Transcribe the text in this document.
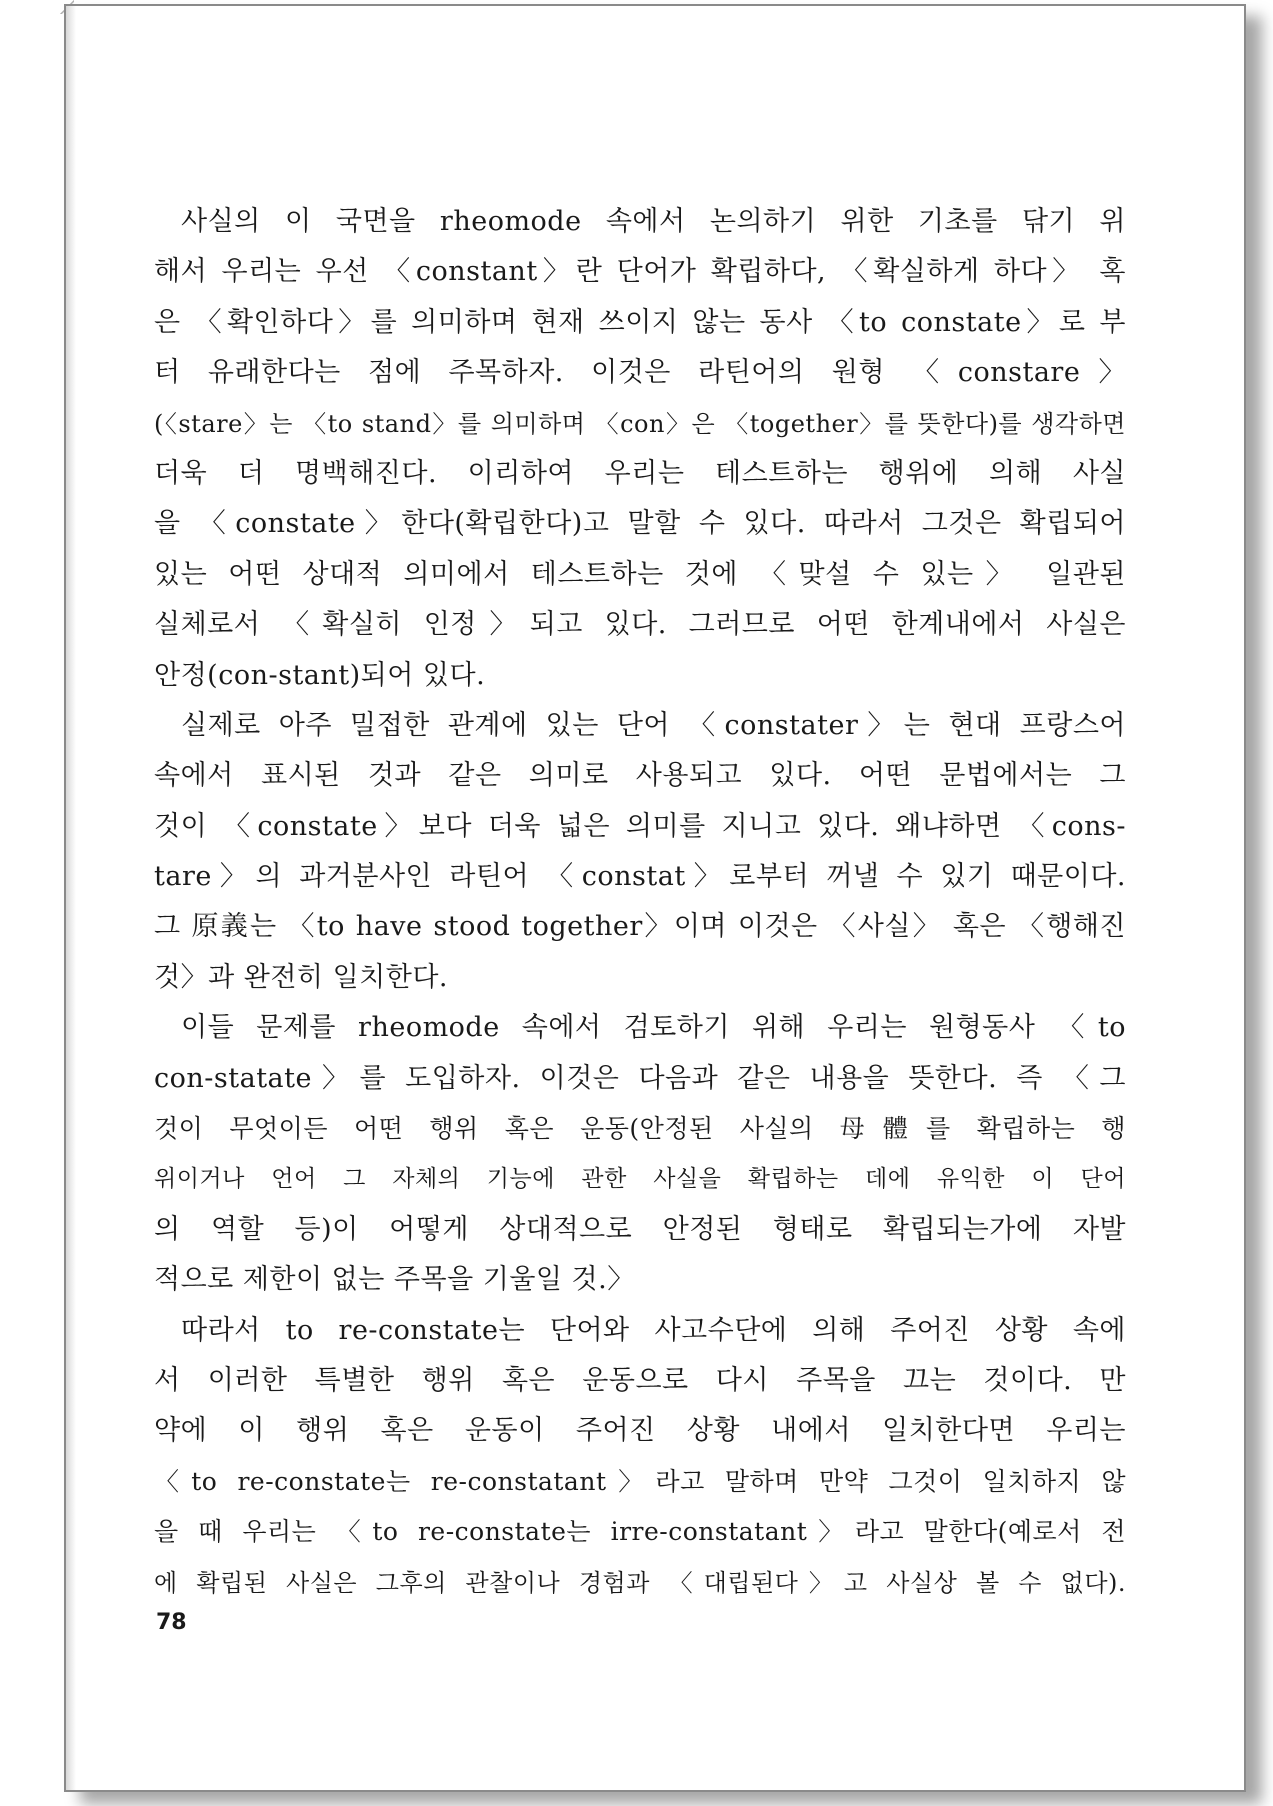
사실의 이 국면을 rheomode 속에서 논의하기 위한 기초를 닦기 위
해서 우리는 우선 〈constant〉란 단어가 확립하다, 〈확실하게 하다〉 혹
은 〈확인하다〉를 의미하며 현재 쓰이지 않는 동사 〈to constate〉로 부
터 유래한다는 점에 주목하자. 이것은 라틴어의 원형 〈constare〉
(〈stare〉는 〈to stand〉를 의미하며 〈con〉은 〈together〉를 뜻한다)를 생각하면
더욱 더 명백해진다. 이리하여 우리는 테스트하는 행위에 의해 사실
을 〈constate〉한다(확립한다)고 말할 수 있다. 따라서 그것은 확립되어
있는 어떤 상대적 의미에서 테스트하는 것에 〈맞설 수 있는〉 일관된
실체로서 〈확실히 인정〉되고 있다. 그러므로 어떤 한계내에서 사실은
안정(con-stant)되어 있다.
실제로 아주 밀접한 관계에 있는 단어 〈constater〉는 현대 프랑스어
속에서 표시된 것과 같은 의미로 사용되고 있다. 어떤 문법에서는 그
것이 〈constate〉보다 더욱 넓은 의미를 지니고 있다. 왜냐하면 〈cons-
tare〉의 과거분사인 라틴어 〈constat〉로부터 꺼낼 수 있기 때문이다.
그 原義는 〈to have stood together〉이며 이것은 〈사실〉 혹은 〈행해진
것〉과 완전히 일치한다.
이들 문제를 rheomode 속에서 검토하기 위해 우리는 원형동사 〈to
con-statate〉를 도입하자. 이것은 다음과 같은 내용을 뜻한다. 즉 〈그
것이 무엇이든 어떤 행위 혹은 운동(안정된 사실의 母體를 확립하는 행
위이거나 언어 그 자체의 기능에 관한 사실을 확립하는 데에 유익한 이 단어
의 역할 등)이 어떻게 상대적으로 안정된 형태로 확립되는가에 자발
적으로 제한이 없는 주목을 기울일 것.〉
따라서 to re-constate는 단어와 사고수단에 의해 주어진 상황 속에
서 이러한 특별한 행위 혹은 운동으로 다시 주목을 끄는 것이다. 만
약에 이 행위 혹은 운동이 주어진 상황 내에서 일치한다면 우리는
〈to re-constate는 re-constatant〉라고 말하며 만약 그것이 일치하지 않
을 때 우리는 〈to re-constate는 irre-constatant〉라고 말한다(예로서 전
에 확립된 사실은 그후의 관찰이나 경험과 〈대립된다〉고 사실상 볼 수 없다).
78
